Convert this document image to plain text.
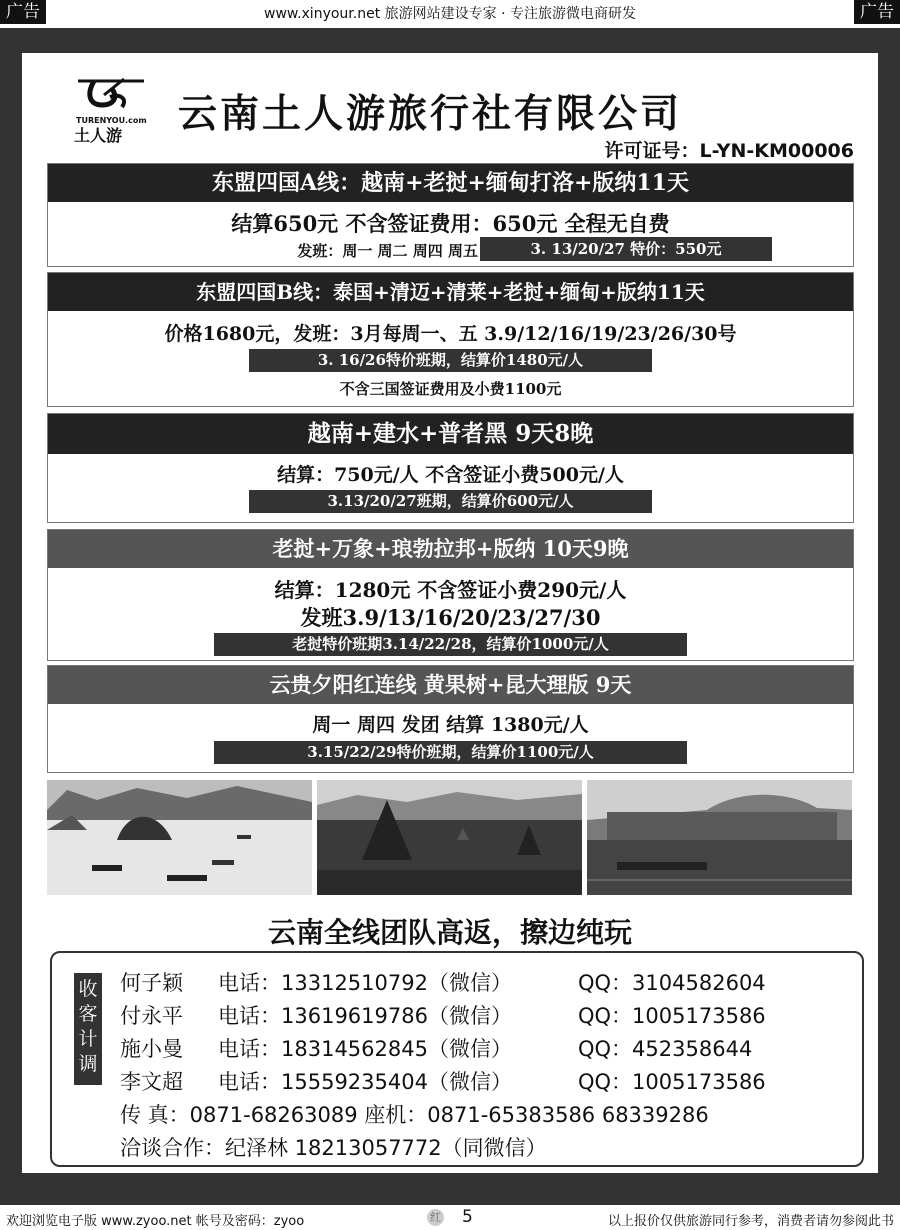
广告	www.xinyour.net 旅游网站建设专家 · 专注旅游微电商研发	广告
TURENYOU.com
土人游 云南土人游旅行社有限公司
许可证号：L-YN-KM00006
东盟四国A线：越南+老挝+缅甸打洛+版纳11天
结算650元 不含签证费用：650元 全程无自费
发班：周一 周二 周四 周五	3. 13/20/27 特价：550元
东盟四国B线：泰国+清迈+清莱+老挝+缅甸+版纳11天
价格1680元，发班：3月每周一、五 3.9/12/16/19/23/26/30号
3. 16/26特价班期，结算价1480元/人
不含三国签证费用及小费1100元
越南+建水+普者黑 9天8晚
结算：750元/人 不含签证小费500元/人
3.13/20/27班期，结算价600元/人
老挝+万象+琅勃拉邦+版纳 10天9晚
结算：1280元 不含签证小费290元/人
发班3.9/13/16/20/23/27/30
老挝特价班期3.14/22/28，结算价1000元/人
云贵夕阳红连线 黄果树+昆大理版 9天
周一 周四 发团 结算 1380元/人
3.15/22/29特价班期，结算价1100元/人
云南全线团队高返，擦边纯玩
收客计调
何子颖 电话：13312510792（微信）	QQ：3104582604
付永平 电话：13619619786（微信）	QQ：1005173586
施小曼 电话：18314562845（微信）	QQ：452358644
李文超 电话：15559235404（微信）	QQ：1005173586
传 真：0871-68263089 座机：0871-65383586 68339286
洽谈合作：纪泽林 18213057772（同微信）
欢迎浏览电子版 www.zyoo.net 帐号及密码：zyoo	红 5	以上报价仅供旅游同行参考，消费者请勿参阅此书
